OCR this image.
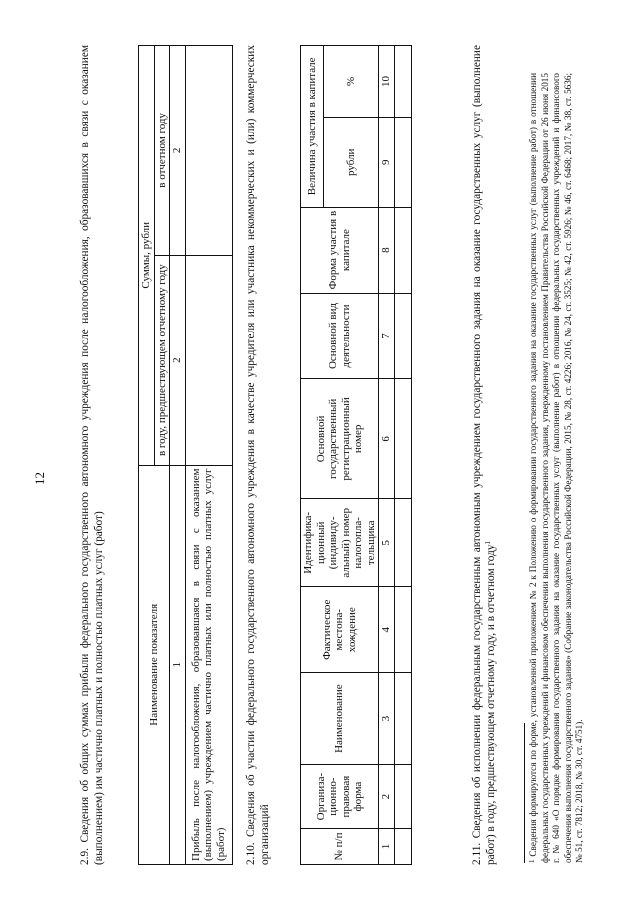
12	2.9. Сведения об общих суммах прибыли федерального государственного автономного учреждения после налогообложения, образовавшихся в связи с оказанием (выполнением) им частично платных и полностью платных услуг (работ)	Наименование показателя	Суммы, рубли	
	в году, предшествующем отчетному году	в отчетном году
1	2	2
Прибыль после налогообложения, образовавшаяся в связи с оказанием (выполнением) учреждением частично платных или полностью платных услуг (работ)		2.10. Сведения об участии федерального государственного автономного учреждения в качестве учредителя или участника некоммерческих и (или) коммерческих организаций	№ п/п	Организа-ционно-правовая форма	Наименование	Фактическое местона-хождение	Идентифика-ционный (индивиду-альный) номер налогопла-тельщика	Основной государственный регистрационный номер	Основной вид деятельности	Форма участия в капитале	Величина участия в капитале	
								рубли	%
1	2	3	4	5	6	7	8	9	10
										2.11. Сведения об исполнении федеральным государственным автономным учреждением государственного задания на оказание государственных услуг (выполнение работ) в году, предшествующем отчетному году, и в отчетном году$^1$
$^1$ Сведения формируются по форме, установленной приложением № 2 к Положению о формировании государственного задания на оказание государственных услуг (выполнение работ) в отношении федеральных государственных учреждений и финансовом обеспечении выполнения государственного задания, утвержденному постановлением Правительства Российской Федерации от 26 июня 2015 г. № 640 «О порядке формирования государственного задания на оказание государственных услуг (выполнение работ) в отношении федеральных государственных учреждений и финансового обеспечения выполнения государственного задания» (Собрание законодательства Российской Федерации, 2015, № 28, ст. 4226; 2016, № 24, ст. 3525; № 42, ст. 5926; № 46, ст. 6468; 2017, № 38, ст. 5636; № 51, ст. 7812; 2018, № 30, ст. 4751).
